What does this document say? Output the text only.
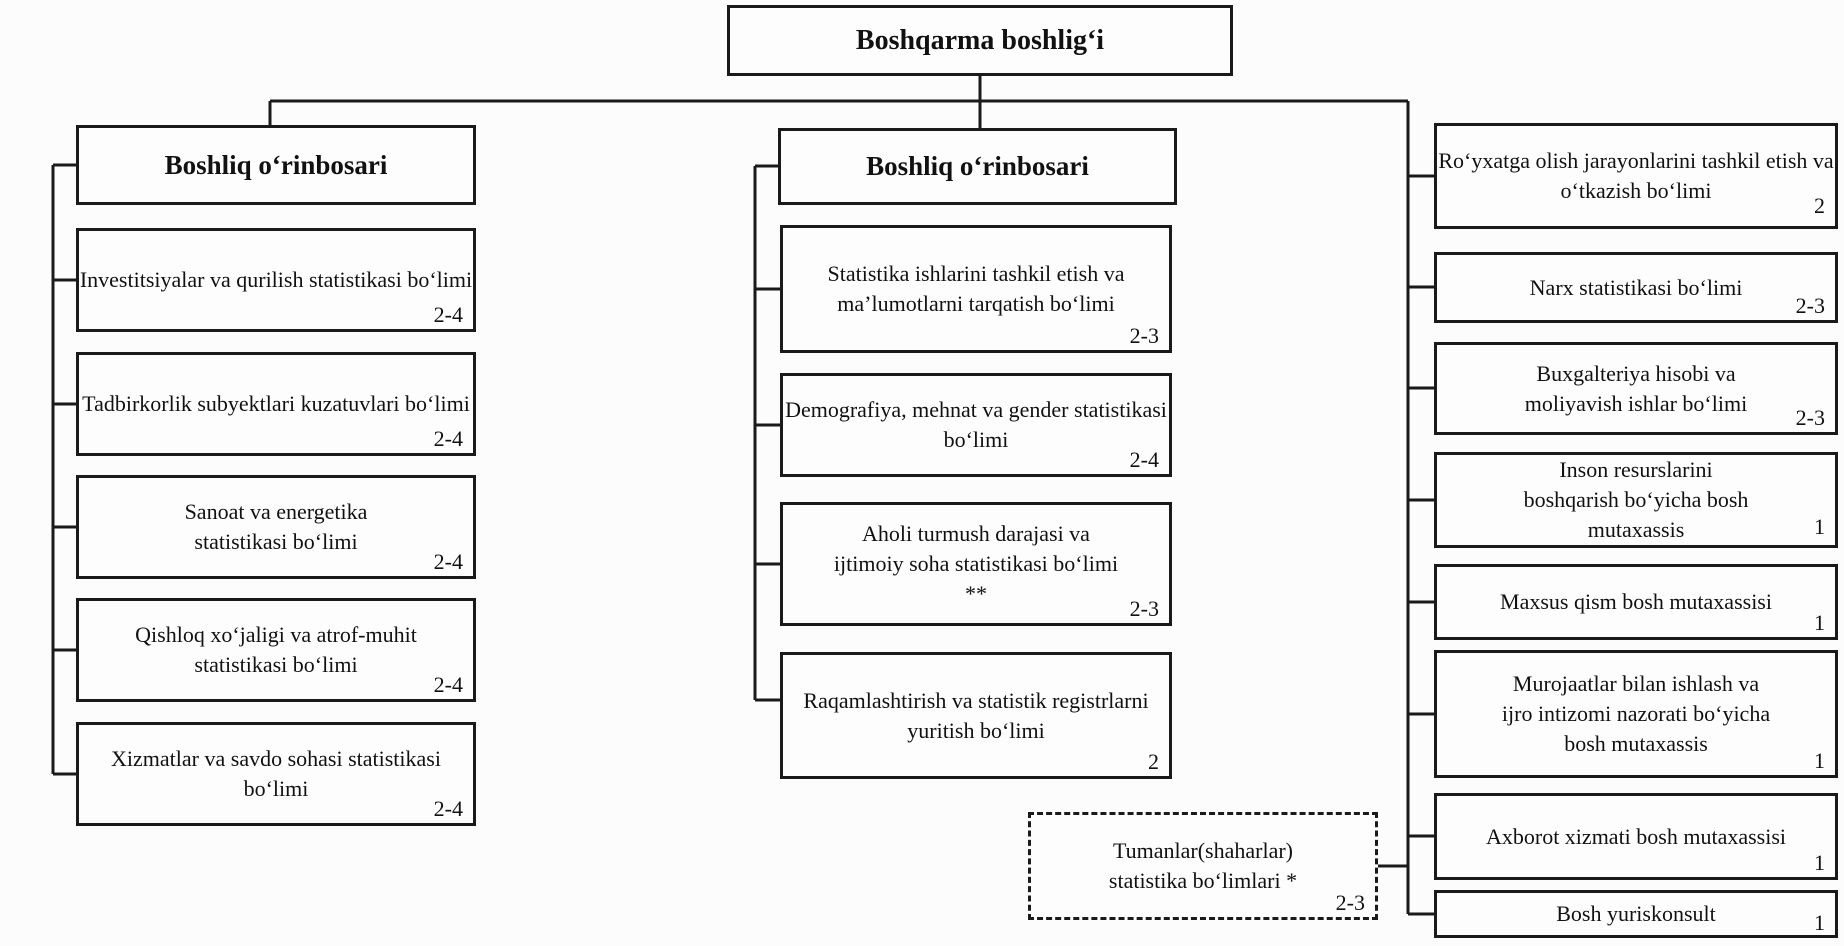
Boshqarma boshlig‘i
Boshliq o‘rinbosari
Investitsiyalar va qurilish statistikasi bo‘limi
2-4
Tadbirkorlik subyektlari kuzatuvlari bo‘limi
2-4
Sanoat va energetika statistikasi bo‘limi
2-4
Qishloq xo‘jaligi va atrof-muhit statistikasi bo‘limi
2-4
Xizmatlar va savdo sohasi statistikasi bo‘limi
2-4
Boshliq o‘rinbosari
Statistika ishlarini tashkil etish va ma’lumotlarni tarqatish bo‘limi
2-3
Demografiya, mehnat va gender statistikasi bo‘limi
2-4
Aholi turmush darajasi va ijtimoiy soha statistikasi bo‘limi **
2-3
Raqamlashtirish va statistik registrlarni yuritish bo‘limi
2
Tumanlar(shaharlar) statistika bo‘limlari *
2-3
Ro‘yxatga olish jarayonlarini tashkil etish va o‘tkazish bo‘limi
2
Narx statistikasi bo‘limi
2-3
Buxgalteriya hisobi va moliyavish ishlar bo‘limi
2-3
Inson resurslarini boshqarish bo‘yicha bosh mutaxassis	1
Maxsus qism bosh mutaxassisi
1
Murojaatlar bilan ishlash va ijro intizomi nazorati bo‘yicha bosh mutaxassis
1
Axborot xizmati bosh mutaxassisi
1
Bosh yuriskonsult	1
